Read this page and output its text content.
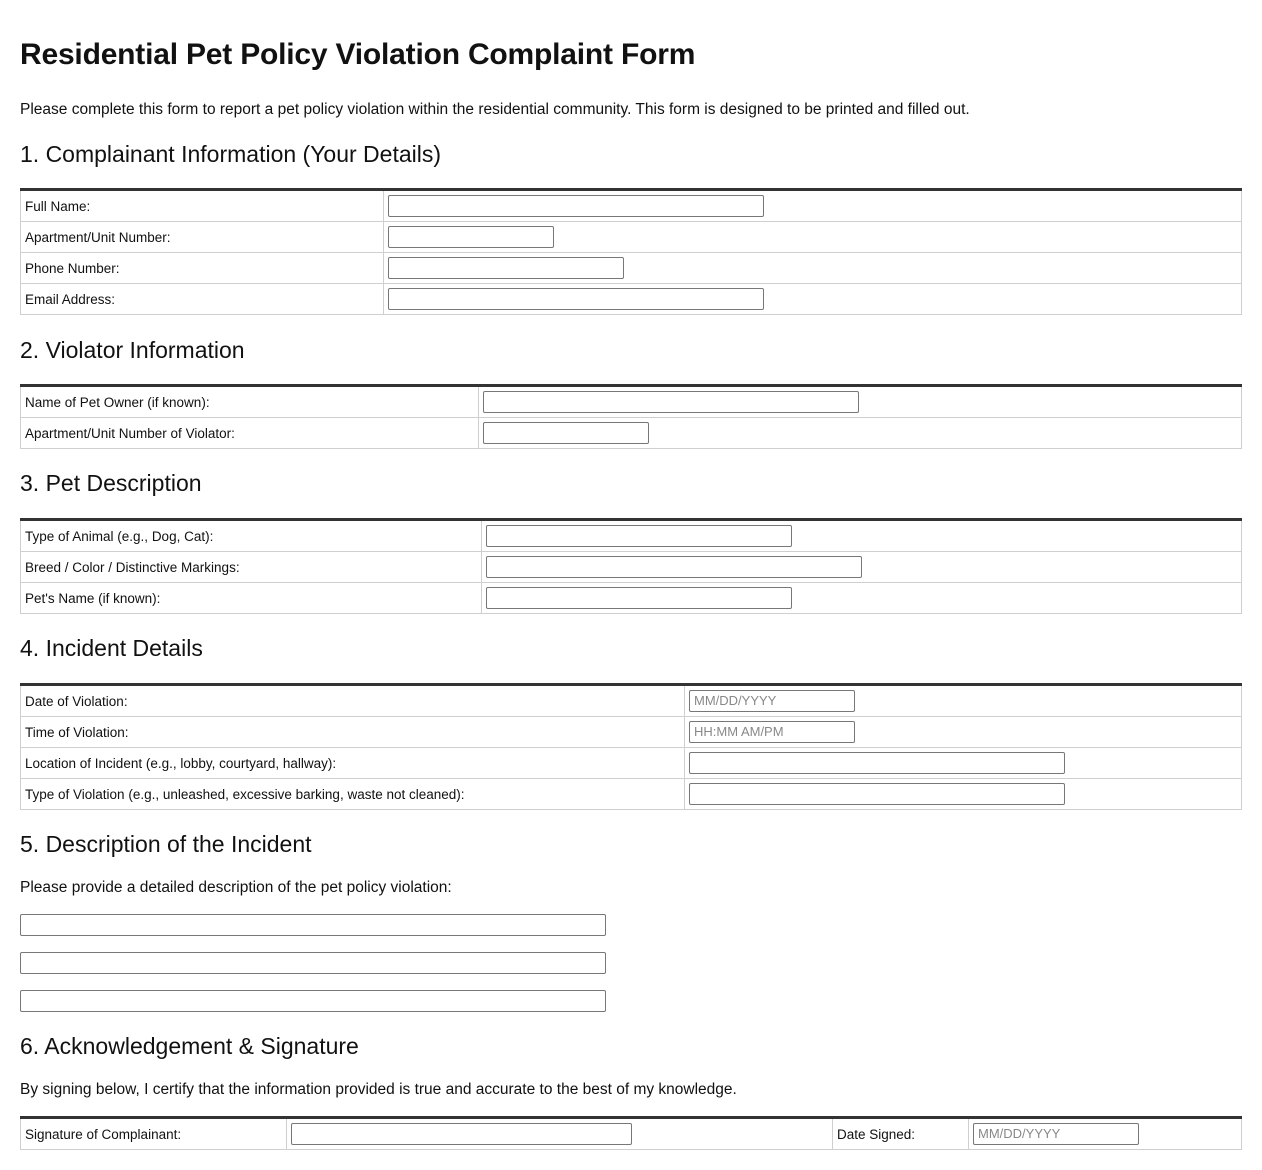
Residential Pet Policy Violation Complaint Form

Please complete this form to report a pet policy violation within the residential community. This form is designed to be printed and filled out.

1. Complainant Information (Your Details)
Full Name:	
Apartment/Unit Number:	
Phone Number:	
Email Address:	
2. Violator Information
Name of Pet Owner (if known):	
Apartment/Unit Number of Violator:	
3. Pet Description
Type of Animal (e.g., Dog, Cat):	
Breed / Color / Distinctive Markings:	
Pet's Name (if known):	
4. Incident Details
Date of Violation:	MM/DD/YYYY
Time of Violation:	HH:MM AM/PM
Location of Incident (e.g., lobby, courtyard, hallway):	
Type of Violation (e.g., unleashed, excessive barking, waste not cleaned):	
5. Description of the Incident

Please provide a detailed description of the pet policy violation:

6. Acknowledgement & Signature

By signing below, I certify that the information provided is true and accurate to the best of my knowledge.

Signature of Complainant:		Date Signed:	MM/DD/YYYY
